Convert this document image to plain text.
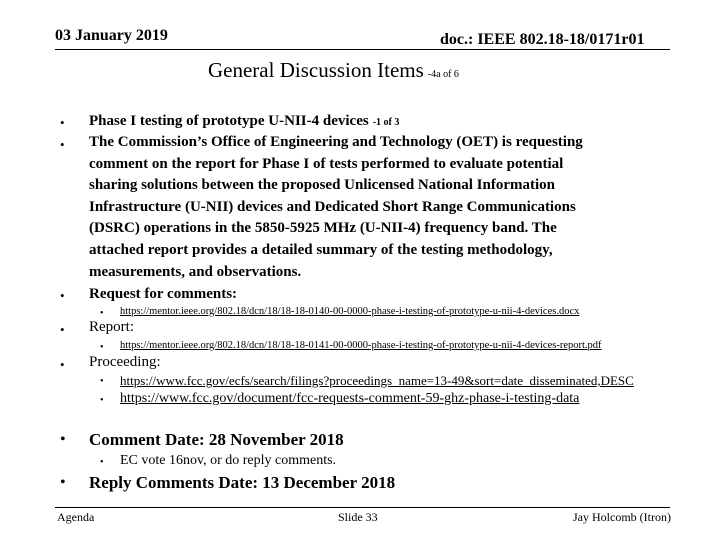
03 January 2019	doc.: IEEE 802.18-18/0171r01
General Discussion Items -4a of 6
• Phase I testing of prototype U-NII-4 devices -1 of 3
• The Commission’s Office of Engineering and Technology (OET) is requesting
comment on the report for Phase I of tests performed to evaluate potential
sharing solutions between the proposed Unlicensed National Information
Infrastructure (U-NII) devices and Dedicated Short Range Communications
(DSRC) operations in the 5850-5925 MHz (U-NII-4) frequency band. The
attached report provides a detailed summary of the testing methodology,
measurements, and observations.
• Request for comments:
• https://mentor.ieee.org/802.18/dcn/18/18-18-0140-00-0000-phase-i-testing-of-prototype-u-nii-4-devices.docx
• Report:
• https://mentor.ieee.org/802.18/dcn/18/18-18-0141-00-0000-phase-i-testing-of-prototype-u-nii-4-devices-report.pdf
• Proceeding:
• https://www.fcc.gov/ecfs/search/filings?proceedings_name=13-49&sort=date_disseminated,DESC
• https://www.fcc.gov/document/fcc-requests-comment-59-ghz-phase-i-testing-data
• Comment Date: 28 November 2018
• EC vote 16nov, or do reply comments.
• Reply Comments Date: 13 December 2018
Agenda	Slide 33	Jay Holcomb (Itron)
